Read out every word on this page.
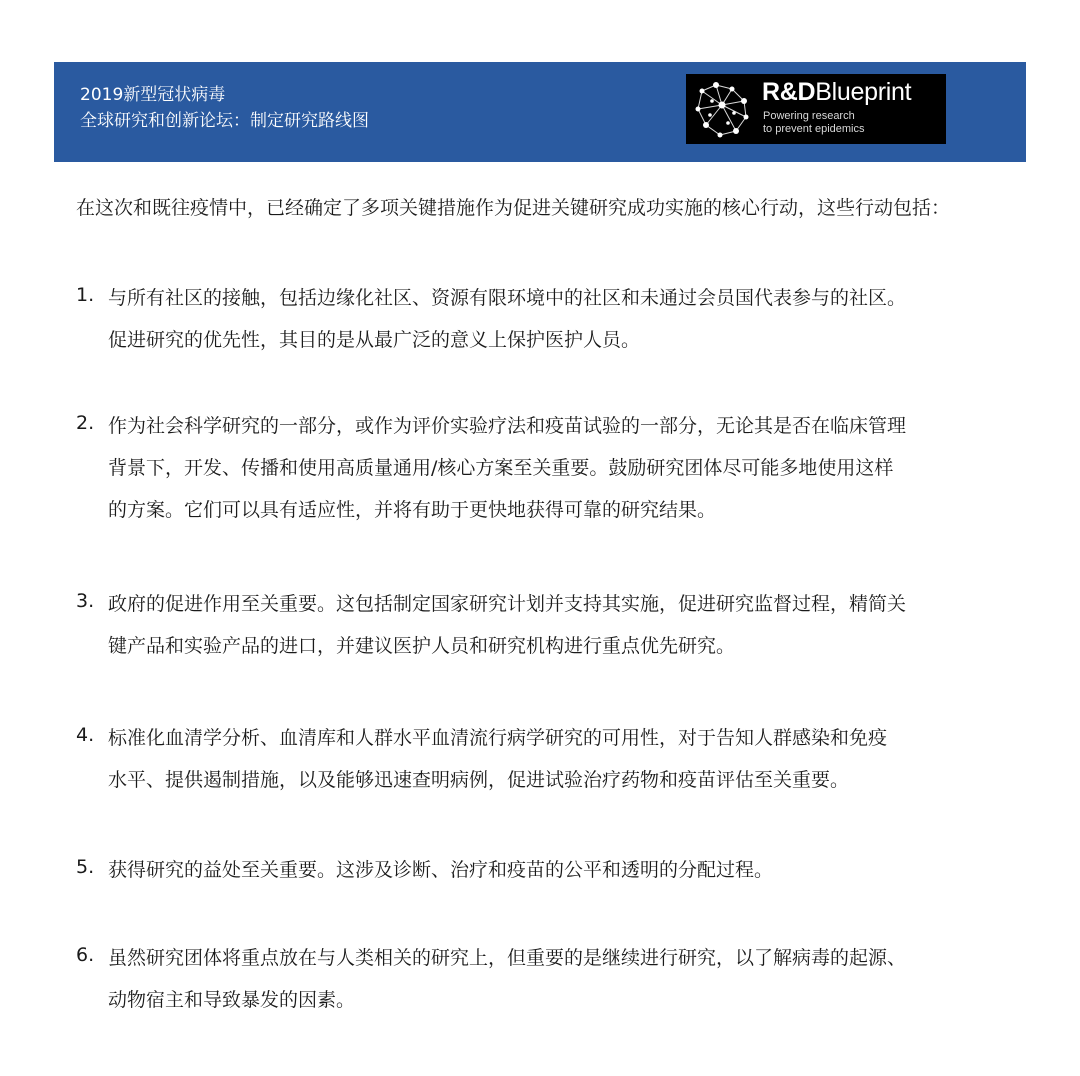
2019新型冠状病毒
全球研究和创新论坛：制定研究路线图
R&DBlueprint
Powering research
to prevent epidemics
在这次和既往疫情中，已经确定了多项关键措施作为促进关键研究成功实施的核心行动，这些行动包括：
1. 与所有社区的接触，包括边缘化社区、资源有限环境中的社区和未通过会员国代表参与的社区。
促进研究的优先性，其目的是从最广泛的意义上保护医护人员。
2. 作为社会科学研究的一部分，或作为评价实验疗法和疫苗试验的一部分，无论其是否在临床管理
背景下，开发、传播和使用高质量通用/核心方案至关重要。鼓励研究团体尽可能多地使用这样
的方案。它们可以具有适应性，并将有助于更快地获得可靠的研究结果。
3. 政府的促进作用至关重要。这包括制定国家研究计划并支持其实施，促进研究监督过程，精简关
键产品和实验产品的进口，并建议医护人员和研究机构进行重点优先研究。
4. 标准化血清学分析、血清库和人群水平血清流行病学研究的可用性，对于告知人群感染和免疫
水平、提供遏制措施，以及能够迅速查明病例，促进试验治疗药物和疫苗评估至关重要。
5. 获得研究的益处至关重要。这涉及诊断、治疗和疫苗的公平和透明的分配过程。
6. 虽然研究团体将重点放在与人类相关的研究上，但重要的是继续进行研究，以了解病毒的起源、
动物宿主和导致暴发的因素。
